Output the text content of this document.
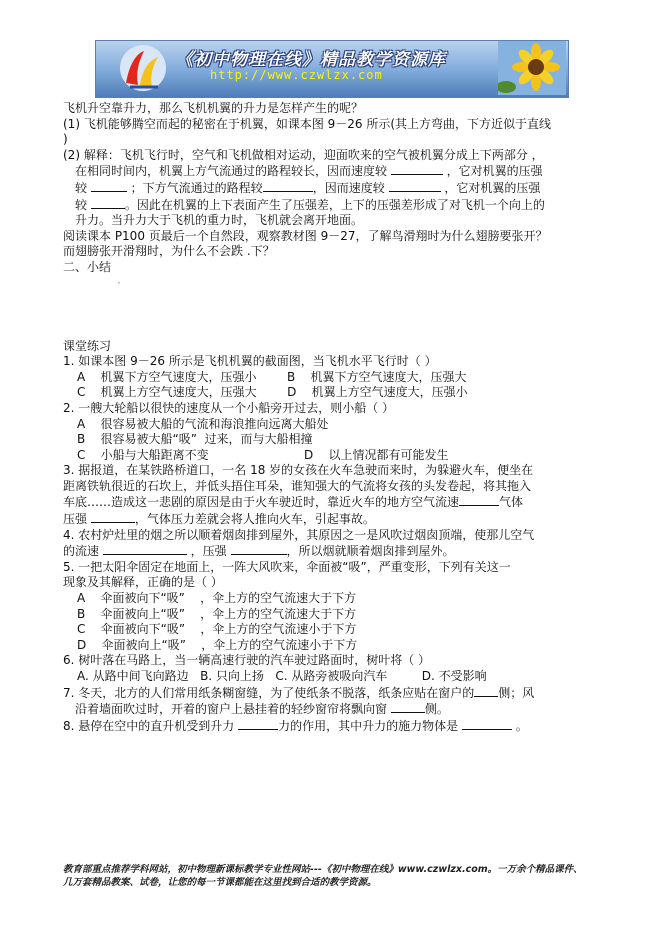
《初中物理在线》精品教学资源库
http://www.czwlzx.com

飞机升空靠升力，那么飞机机翼的升力是怎样产生的呢？

(1) 飞机能够腾空而起的秘密在于机翼，如课本图 9－26 所示(其上方弯曲，下方近似于直线

)

(2) 解释：飞机飞行时，空气和飞机做相对运动，迎面吹来的空气被机翼分成上下两部分 ，

在相同时间内，机翼上方气流通过的路程较长，因而速度较	，它对机翼的压强

较	；下方气流通过的路程较	，因而速度较	，它对机翼的压强

较	。因此在机翼的上下表面产生了压强差，上下的压强差形成了对飞机一个向上的

升力。当升力大于飞机的重力时，飞机就会离开地面。

阅读课本 P100 页最后一个自然段，观察教材图 9－27，了解鸟滑翔时为什么翅膀要张开？

而翅膀张开滑翔时，为什么不会跌 .下？

二、小结

·

课堂练习

1. 如课本图 9－26 所示是飞机机翼的截面图，当飞机水平飞行时（ ）

A    机翼下方空气速度大，压强小        B    机翼下方空气速度大，压强大

C    机翼上方空气速度大，压强大        D    机翼上方空气速度大，压强小

2. 一艘大轮船以很快的速度从一个小船旁开过去，则小船（ ）

A    很容易被大船的气流和海浪推向远离大船处

B    很容易被大船“吸”  过来，而与大船相撞

C    小船与大船距离不变                         D    以上情况都有可能发生

3. 据报道，在某铁路桥道口，一名 18 岁的女孩在火车急驶而来时，为躲避火车，便坐在

距离铁轨很近的石坎上，并低头捂住耳朵，谁知强大的气流将女孩的头发卷起，将其拖入

车底……造成这一悲剧的原因是由于火车驶近时，靠近火车的地方空气流速	气体

压强	，气体压力差就会将人推向火车，引起事故。

4. 农村炉灶里的烟之所以顺着烟囱排到屋外，其原因之一是风吹过烟囱顶端，使那儿空气

的流速	，压强	，所以烟就顺着烟囱排到屋外。

5. 一把太阳伞固定在地面上，一阵大风吹来，伞面被“吸”，严重变形，下列有关这一

现象及其解释，正确的是（ ）

A    伞面被向下“吸”    ，伞上方的空气流速大于下方

B    伞面被向上“吸”    ，伞上方的空气流速大于下方

C    伞面被向下“吸”    ，伞上方的空气流速小于下方

D    伞面被向上“吸”    ，伞上方的空气流速小于下方

6. 树叶落在马路上，当一辆高速行驶的汽车驶过路面时，树叶将（ ）

A. 从路中间飞向路边   B. 只向上扬   C. 从路旁被吸向汽车         D. 不受影响

7. 冬天，北方的人们常用纸条糊窗缝，为了使纸条不脱落，纸条应贴在窗户的 侧；风

沿着墙面吹过时，开着的窗户上悬挂着的轻纱窗帘将飘向窗	侧。

8. 悬停在空中的直升机受到升力	力的作用，其中升力的施力物体是	。

教育部重点推荐学科网站，初中物理新课标教学专业性网站---《初中物理在线》www.czwlzx.com。一万余个精品课件、
几万套精品教案、试卷，让您的每一节课都能在这里找到合适的教学资源。
